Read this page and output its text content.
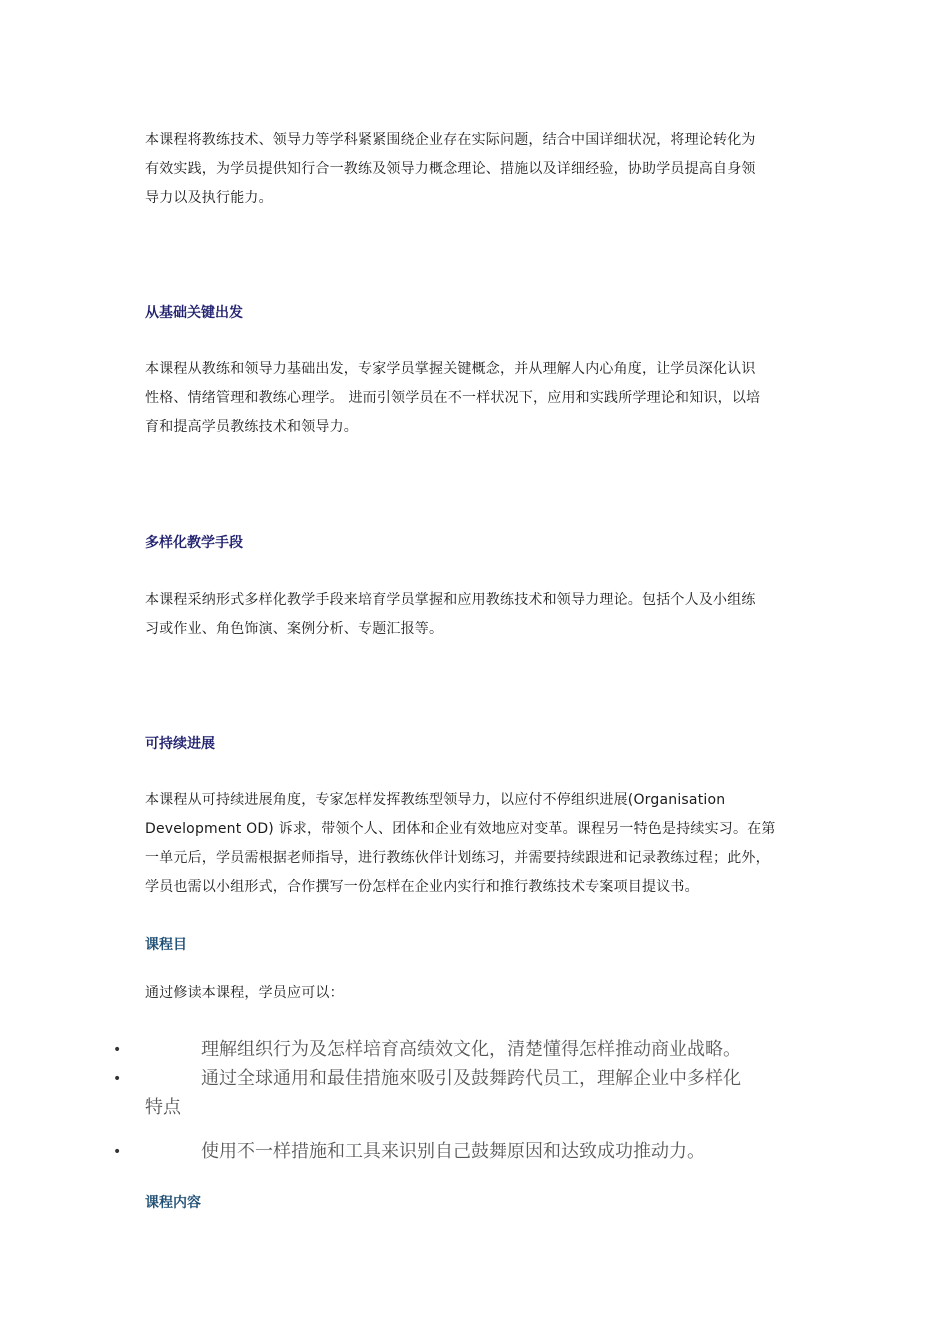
本课程将教练技术、领导力等学科紧紧围绕企业存在实际问题，结合中国详细状况，将理论转化为
有效实践，为学员提供知行合一教练及领导力概念理论、措施以及详细经验，协助学员提高自身领
导力以及执行能力。
从基础关键出发
本课程从教练和领导力基础出发，专家学员掌握关键概念，并从理解人内心角度，让学员深化认识
性格、情绪管理和教练心理学。 进而引领学员在不一样状况下，应用和实践所学理论和知识，以培
育和提高学员教练技术和领导力。
多样化教学手段
本课程采纳形式多样化教学手段来培育学员掌握和应用教练技术和领导力理论。包括个人及小组练
习或作业、角色饰演、案例分析、专题汇报等。
可持续进展
本课程从可持续进展角度，专家怎样发挥教练型领导力，以应付不停组织进展(Organisation
Development OD) 诉求，带领个人、团体和企业有效地应对变革。课程另一特色是持续实习。在第
一单元后，学员需根据老师指导，进行教练伙伴计划练习，并需要持续跟进和记录教练过程；此外，
学员也需以小组形式，合作撰写一份怎样在企业内实行和推行教练技术专案项目提议书。
课程目
通过修读本课程，学员应可以：
•	理解组织行为及怎样培育高绩效文化，清楚懂得怎样推动商业战略。
•	通过全球通用和最佳措施來吸引及鼓舞跨代员工，理解企业中多样化
特点
•	使用不一样措施和工具来识别自己鼓舞原因和达致成功推动力。
课程内容
